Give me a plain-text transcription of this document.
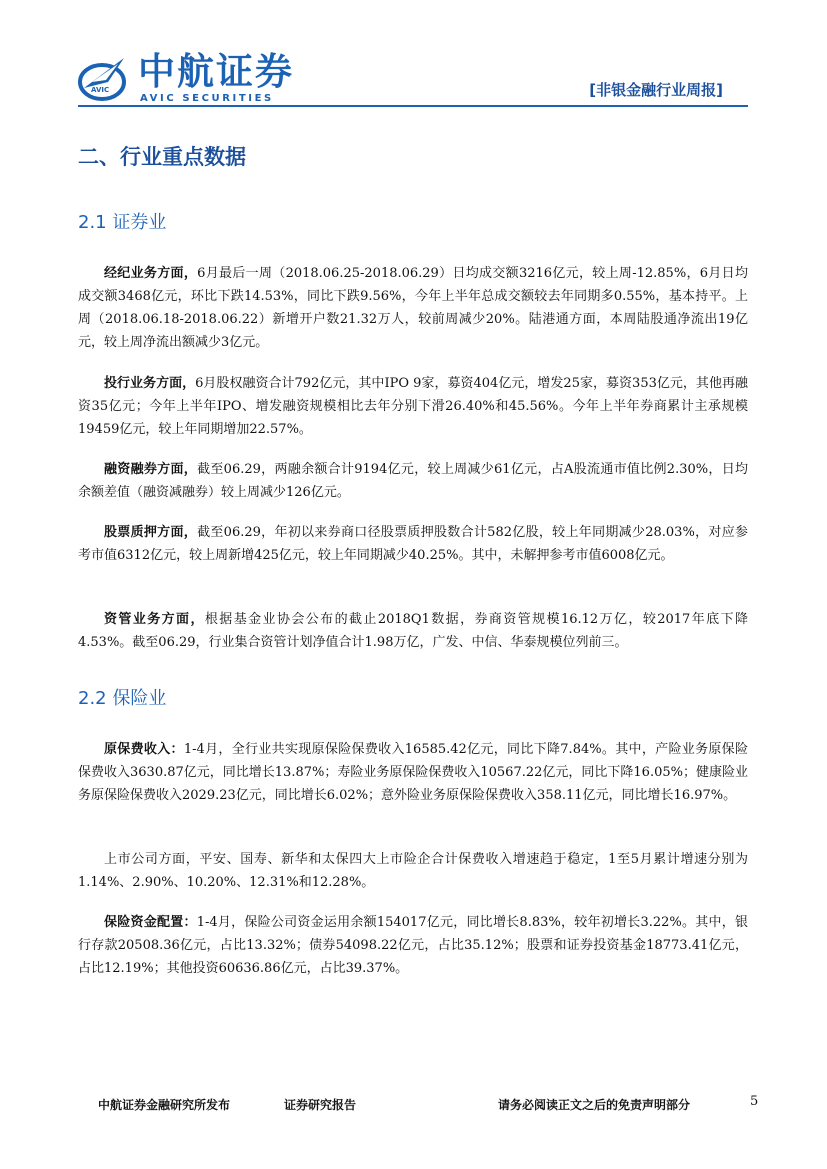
AVIC 中航证券
AVIC SECURITIES	[非银金融行业周报]
二、行业重点数据
2.1 证券业

经纪业务方面，6月最后一周（2018.06.25-2018.06.29）日均成交额3216亿元，较上周-12.85%，6月日均成交额3468亿元，环比下跌14.53%，同比下跌9.56%，今年上半年总成交额较去年同期多0.55%，基本持平。上周（2018.06.18-2018.06.22）新增开户数21.32万人，较前周减少20%。陆港通方面，本周陆股通净流出19亿元，较上周净流出额减少3亿元。

投行业务方面，6月股权融资合计792亿元，其中IPO 9家，募资404亿元，增发25家，募资353亿元，其他再融资35亿元；今年上半年IPO、增发融资规模相比去年分别下滑26.40%和45.56%。今年上半年券商累计主承规模19459亿元，较上年同期增加22.57%。

融资融券方面，截至06.29，两融余额合计9194亿元，较上周减少61亿元，占A股流通市值比例2.30%，日均余额差值（融资减融券）较上周减少126亿元。

股票质押方面，截至06.29，年初以来券商口径股票质押股数合计582亿股，较上年同期减少28.03%，对应参考市值6312亿元，较上周新增425亿元，较上年同期减少40.25%。其中，未解押参考市值6008亿元。

资管业务方面，根据基金业协会公布的截止2018Q1数据，券商资管规模16.12万亿，较2017年底下降4.53%。截至06.29，行业集合资管计划净值合计1.98万亿，广发、中信、华泰规模位列前三。

2.2 保险业

原保费收入：1-4月，全行业共实现原保险保费收入16585.42亿元，同比下降7.84%。其中，产险业务原保险保费收入3630.87亿元，同比增长13.87%；寿险业务原保险保费收入10567.22亿元，同比下降16.05%；健康险业务原保险保费收入2029.23亿元，同比增长6.02%；意外险业务原保险保费收入358.11亿元，同比增长16.97%。

上市公司方面，平安、国寿、新华和太保四大上市险企合计保费收入增速趋于稳定，1至5月累计增速分别为1.14%、2.90%、10.20%、12.31%和12.28%。

保险资金配置：1-4月，保险公司资金运用余额154017亿元，同比增长8.83%，较年初增长3.22%。其中，银行存款20508.36亿元，占比13.32%；债券54098.22亿元，占比35.12%；股票和证券投资基金18773.41亿元，占比12.19%；其他投资60636.86亿元，占比39.37%。

中航证券金融研究所发布	证券研究报告	请务必阅读正文之后的免责声明部分	5
